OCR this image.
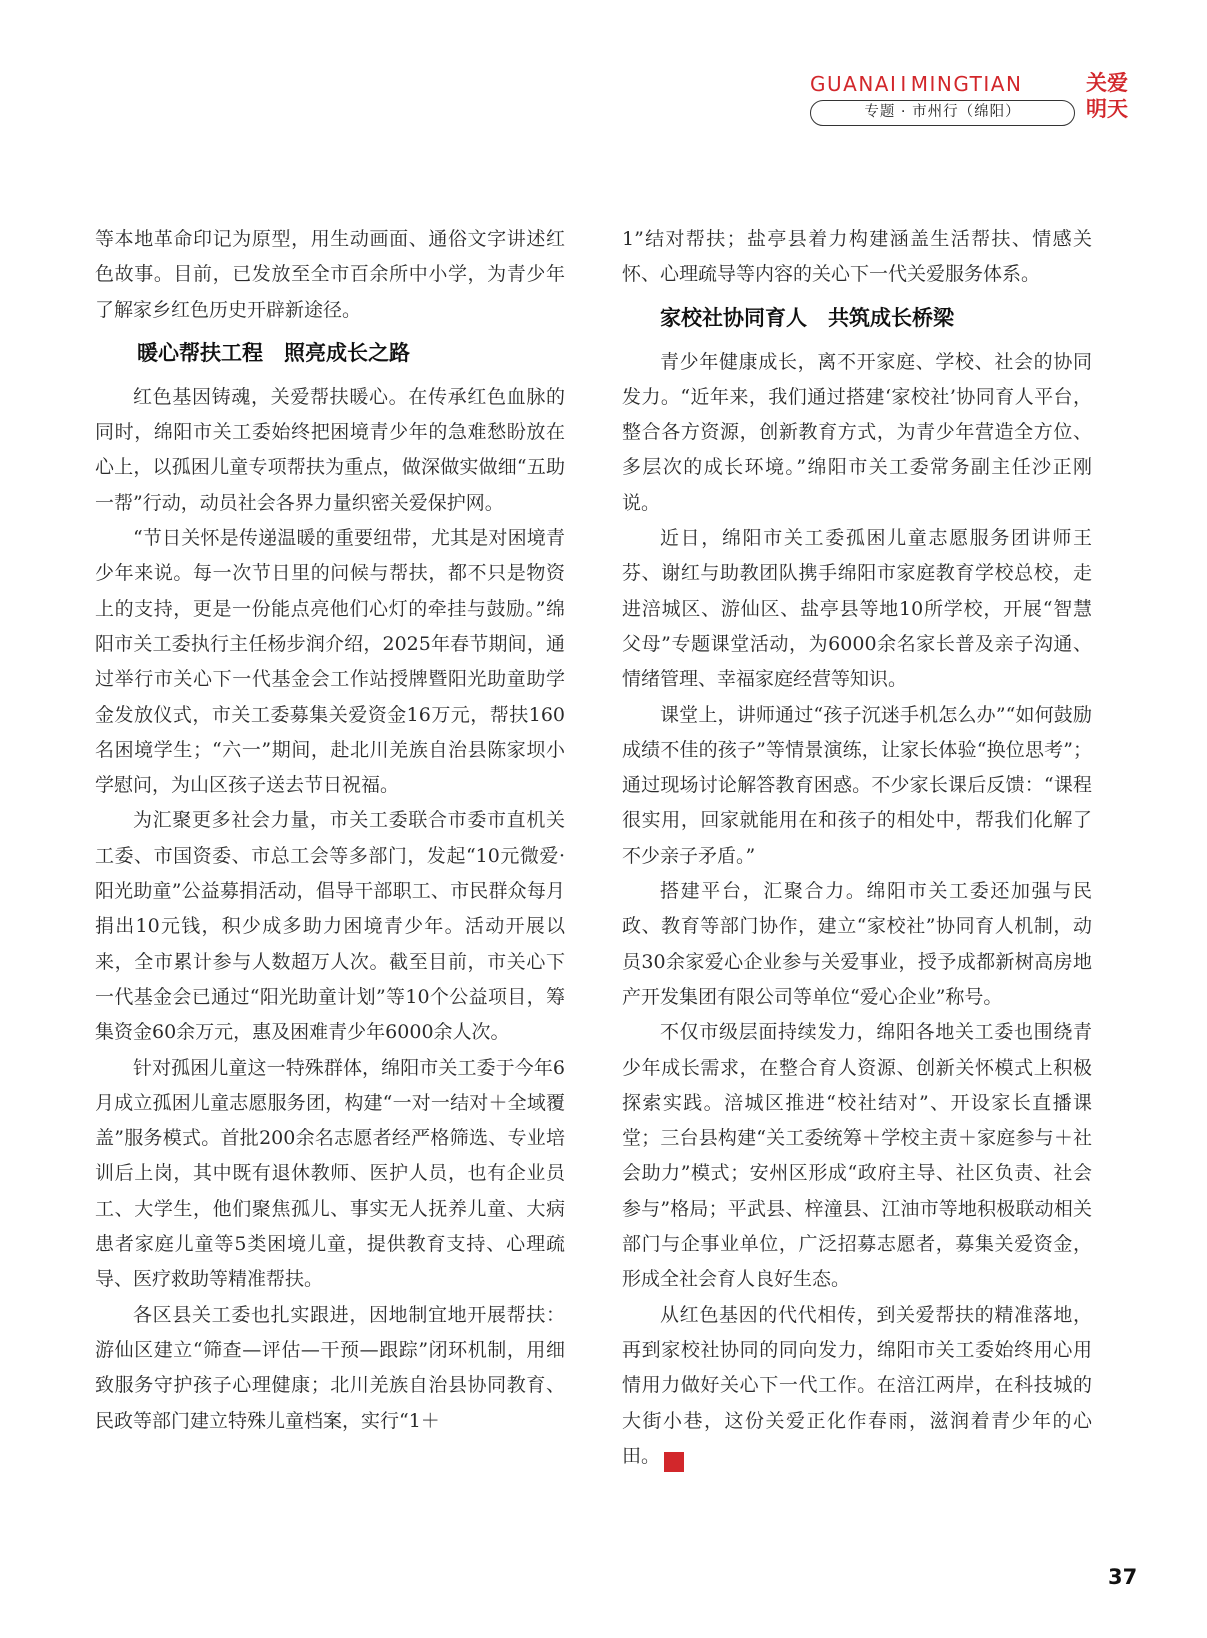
GUANAI I MINGTIAN
专题 · 市州行（绵阳）
关爱明天

等本地革命印记为原型，用生动画面、通俗文字讲述红色故事。目前，已发放至全市百余所中小学，为青少年了解家乡红色历史开辟新途径。

暖心帮扶工程　照亮成长之路

红色基因铸魂，关爱帮扶暖心。在传承红色血脉的同时，绵阳市关工委始终把困境青少年的急难愁盼放在心上，以孤困儿童专项帮扶为重点，做深做实做细“五助一帮”行动，动员社会各界力量织密关爱保护网。

“节日关怀是传递温暖的重要纽带，尤其是对困境青少年来说。每一次节日里的问候与帮扶，都不只是物资上的支持，更是一份能点亮他们心灯的牵挂与鼓励。”绵阳市关工委执行主任杨步润介绍，2025年春节期间，通过举行市关心下一代基金会工作站授牌暨阳光助童助学金发放仪式，市关工委募集关爱资金16万元，帮扶160名困境学生；“六一”期间，赴北川羌族自治县陈家坝小学慰问，为山区孩子送去节日祝福。

为汇聚更多社会力量，市关工委联合市委市直机关工委、市国资委、市总工会等多部门，发起“10元微爱·阳光助童”公益募捐活动，倡导干部职工、市民群众每月捐出10元钱，积少成多助力困境青少年。活动开展以来，全市累计参与人数超万人次。截至目前，市关心下一代基金会已通过“阳光助童计划”等10个公益项目，筹集资金60余万元，惠及困难青少年6000余人次。

针对孤困儿童这一特殊群体，绵阳市关工委于今年6月成立孤困儿童志愿服务团，构建“一对一结对＋全域覆盖”服务模式。首批200余名志愿者经严格筛选、专业培训后上岗，其中既有退休教师、医护人员，也有企业员工、大学生，他们聚焦孤儿、事实无人抚养儿童、大病患者家庭儿童等5类困境儿童，提供教育支持、心理疏导、医疗救助等精准帮扶。

各区县关工委也扎实跟进，因地制宜地开展帮扶：游仙区建立“筛查—评估—干预—跟踪”闭环机制，用细致服务守护孩子心理健康；北川羌族自治县协同教育、民政等部门建立特殊儿童档案，实行“1＋

1”结对帮扶；盐亭县着力构建涵盖生活帮扶、情感关怀、心理疏导等内容的关心下一代关爱服务体系。

家校社协同育人　共筑成长桥梁

青少年健康成长，离不开家庭、学校、社会的协同发力。“近年来，我们通过搭建‘家校社’协同育人平台，整合各方资源，创新教育方式，为青少年营造全方位、多层次的成长环境。”绵阳市关工委常务副主任沙正刚说。

近日，绵阳市关工委孤困儿童志愿服务团讲师王芬、谢红与助教团队携手绵阳市家庭教育学校总校，走进涪城区、游仙区、盐亭县等地10所学校，开展“智慧父母”专题课堂活动，为6000余名家长普及亲子沟通、情绪管理、幸福家庭经营等知识。

课堂上，讲师通过“孩子沉迷手机怎么办”“如何鼓励成绩不佳的孩子”等情景演练，让家长体验“换位思考”；通过现场讨论解答教育困惑。不少家长课后反馈：“课程很实用，回家就能用在和孩子的相处中，帮我们化解了不少亲子矛盾。”

搭建平台，汇聚合力。绵阳市关工委还加强与民政、教育等部门协作，建立“家校社”协同育人机制，动员30余家爱心企业参与关爱事业，授予成都新树高房地产开发集团有限公司等单位“爱心企业”称号。

不仅市级层面持续发力，绵阳各地关工委也围绕青少年成长需求，在整合育人资源、创新关怀模式上积极探索实践。涪城区推进“校社结对”、开设家长直播课堂；三台县构建“关工委统筹＋学校主责＋家庭参与＋社会助力”模式；安州区形成“政府主导、社区负责、社会参与”格局；平武县、梓潼县、江油市等地积极联动相关部门与企事业单位，广泛招募志愿者，募集关爱资金，形成全社会育人良好生态。

从红色基因的代代相传，到关爱帮扶的精准落地，再到家校社协同的同向发力，绵阳市关工委始终用心用情用力做好关心下一代工作。在涪江两岸，在科技城的大街小巷，这份关爱正化作春雨，滋润着青少年的心田。	天

37
